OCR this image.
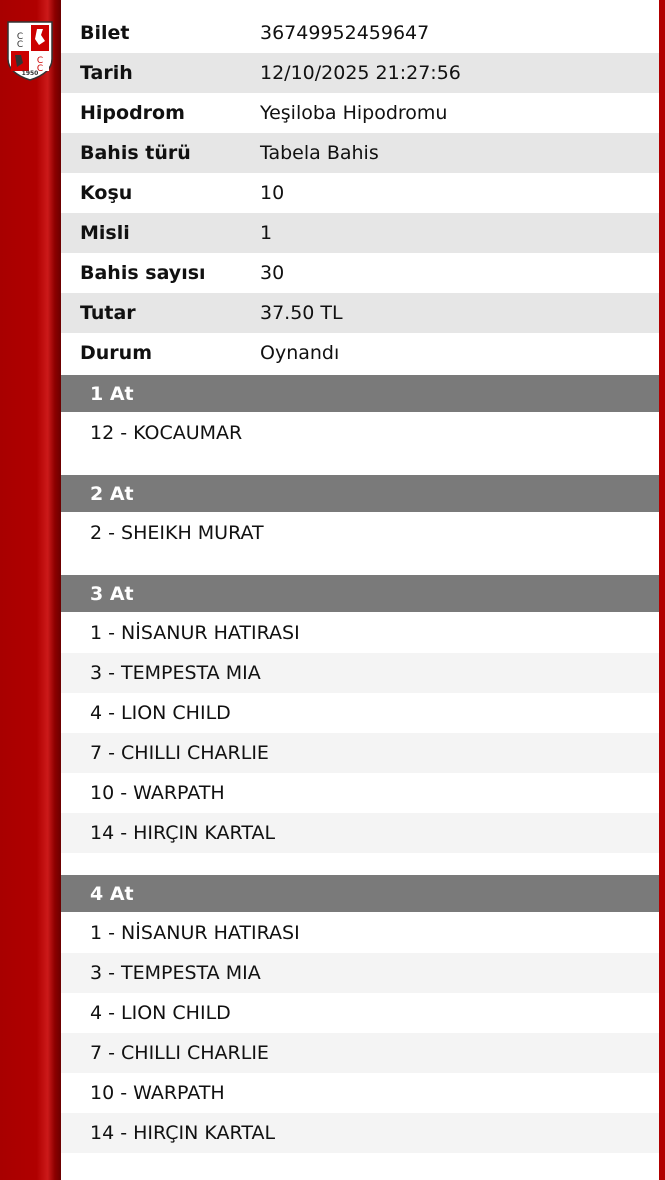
C
C
C
C
1950
Bilet	36749952459647
Tarih	12/10/2025 21:27:56
Hipodrom	Yeşiloba Hipodromu
Bahis türü	Tabela Bahis
Koşu	10
Misli	1
Bahis sayısı	30
Tutar	37.50 TL
Durum	Oynandı
1 At
12 - KOCAUMAR
2 At
2 - SHEIKH MURAT
3 At
1 - NİSANUR HATIRASI
3 - TEMPESTA MIA
4 - LION CHILD
7 - CHILLI CHARLIE
10 - WARPATH
14 - HIRÇIN KARTAL
4 At
1 - NİSANUR HATIRASI
3 - TEMPESTA MIA
4 - LION CHILD
7 - CHILLI CHARLIE
10 - WARPATH
14 - HIRÇIN KARTAL
